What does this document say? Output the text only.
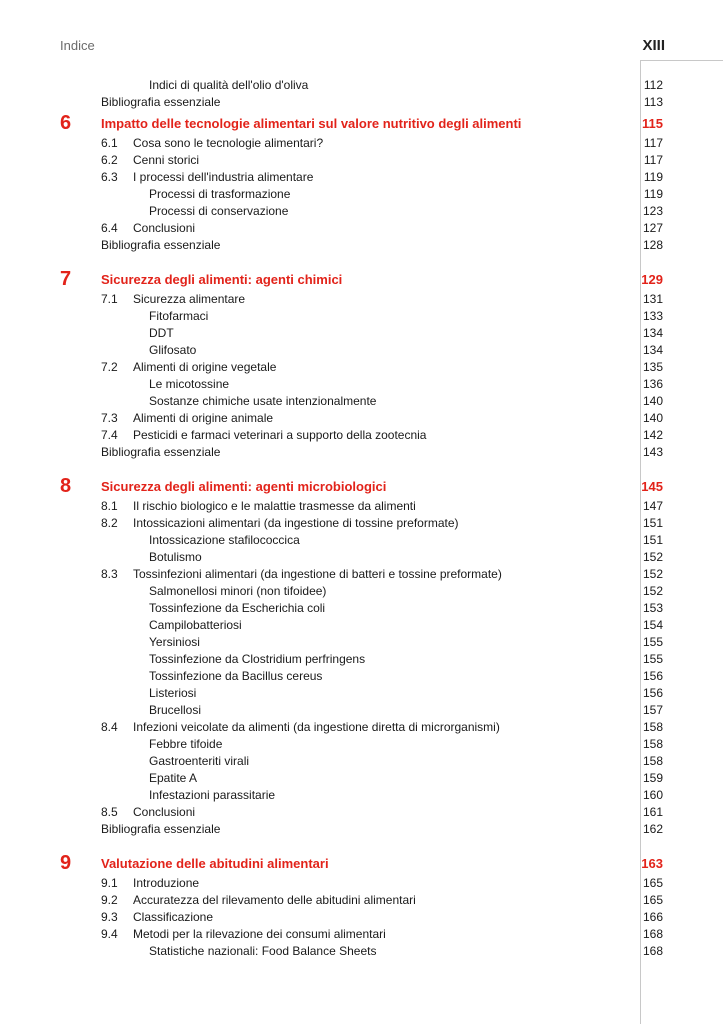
Indice	XIII
Indici di qualità dell'olio d'oliva	112
Bibliografia essenziale	113
6 Impatto delle tecnologie alimentari sul valore nutritivo degli alimenti	115
6.1 Cosa sono le tecnologie alimentari?	117
6.2 Cenni storici	117
6.3 I processi dell'industria alimentare	119
Processi di trasformazione	119
Processi di conservazione	123
6.4 Conclusioni	127
Bibliografia essenziale	128
7 Sicurezza degli alimenti: agenti chimici	129
7.1 Sicurezza alimentare	131
Fitofarmaci	133
DDT	134
Glifosato	134
7.2 Alimenti di origine vegetale	135
Le micotossine	136
Sostanze chimiche usate intenzionalmente	140
7.3 Alimenti di origine animale	140
7.4 Pesticidi e farmaci veterinari a supporto della zootecnia	142
Bibliografia essenziale	143
8 Sicurezza degli alimenti: agenti microbiologici	145
8.1 Il rischio biologico e le malattie trasmesse da alimenti	147
8.2 Intossicazioni alimentari (da ingestione di tossine preformate)	151
Intossicazione stafilococcica	151
Botulismo	152
8.3 Tossinfezioni alimentari (da ingestione di batteri e tossine preformate)	152
Salmonellosi minori (non tifoidee)	152
Tossinfezione da Escherichia coli	153
Campilobatteriosi	154
Yersiniosi	155
Tossinfezione da Clostridium perfringens	155
Tossinfezione da Bacillus cereus	156
Listeriosi	156
Brucellosi	157
8.4 Infezioni veicolate da alimenti (da ingestione diretta di microrganismi)	158
Febbre tifoide	158
Gastroenteriti virali	158
Epatite A	159
Infestazioni parassitarie	160
8.5 Conclusioni	161
Bibliografia essenziale	162
9 Valutazione delle abitudini alimentari	163
9.1 Introduzione	165
9.2 Accuratezza del rilevamento delle abitudini alimentari	165
9.3 Classificazione	166
9.4 Metodi per la rilevazione dei consumi alimentari	168
Statistiche nazionali: Food Balance Sheets	168
